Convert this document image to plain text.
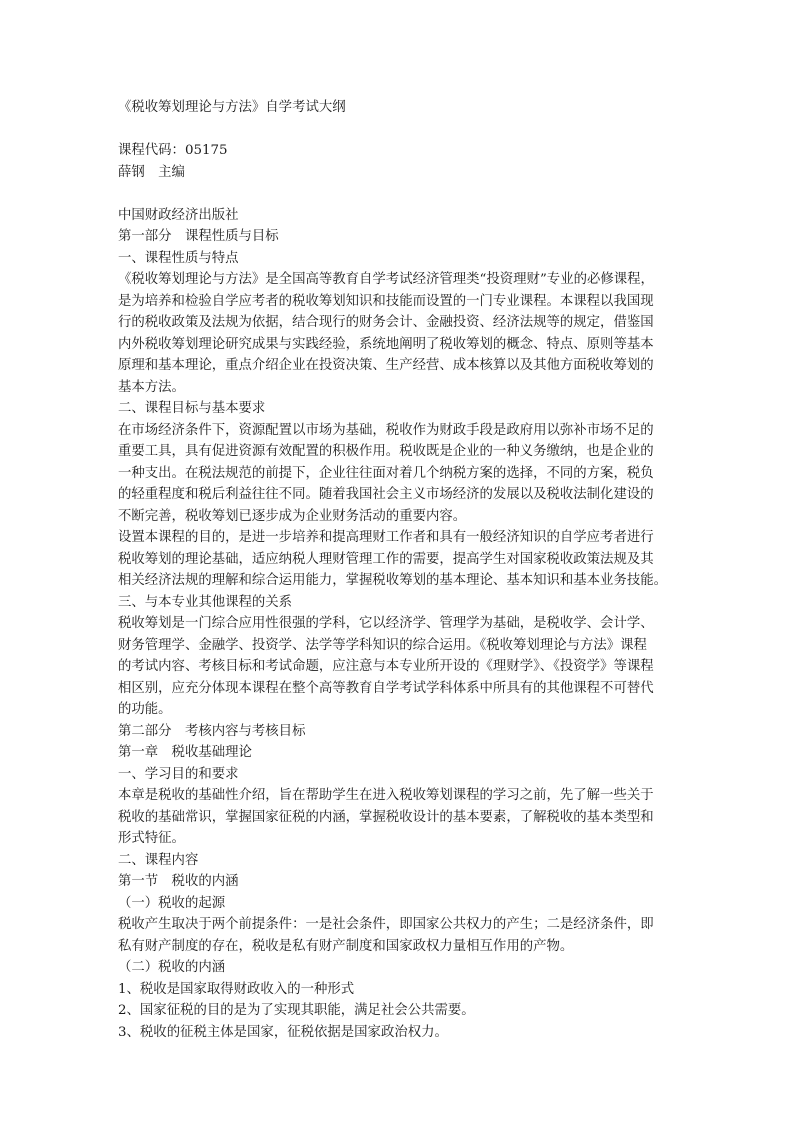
《税收筹划理论与方法》自学考试大纲
课程代码：05175
薛钢　主编
中国财政经济出版社
第一部分　课程性质与目标
一、课程性质与特点
《税收筹划理论与方法》是全国高等教育自学考试经济管理类“投资理财”专业的必修课程，
是为培养和检验自学应考者的税收筹划知识和技能而设置的一门专业课程。本课程以我国现
行的税收政策及法规为依据，结合现行的财务会计、金融投资、经济法规等的规定，借鉴国
内外税收筹划理论研究成果与实践经验，系统地阐明了税收筹划的概念、特点、原则等基本
原理和基本理论，重点介绍企业在投资决策、生产经营、成本核算以及其他方面税收筹划的
基本方法。
二、课程目标与基本要求
在市场经济条件下，资源配置以市场为基础，税收作为财政手段是政府用以弥补市场不足的
重要工具，具有促进资源有效配置的积极作用。税收既是企业的一种义务缴纳，也是企业的
一种支出。在税法规范的前提下，企业往往面对着几个纳税方案的选择，不同的方案，税负
的轻重程度和税后利益往往不同。随着我国社会主义市场经济的发展以及税收法制化建设的
不断完善，税收筹划已逐步成为企业财务活动的重要内容。
设置本课程的目的，是进一步培养和提高理财工作者和具有一般经济知识的自学应考者进行
税收筹划的理论基础，适应纳税人理财管理工作的需要，提高学生对国家税收政策法规及其
相关经济法规的理解和综合运用能力，掌握税收筹划的基本理论、基本知识和基本业务技能。
三、与本专业其他课程的关系
税收筹划是一门综合应用性很强的学科，它以经济学、管理学为基础，是税收学、会计学、
财务管理学、金融学、投资学、法学等学科知识的综合运用。《税收筹划理论与方法》课程
的考试内容、考核目标和考试命题，应注意与本专业所开设的《理财学》、《投资学》等课程
相区别，应充分体现本课程在整个高等教育自学考试学科体系中所具有的其他课程不可替代
的功能。
第二部分　考核内容与考核目标
第一章　税收基础理论
一、学习目的和要求
本章是税收的基础性介绍，旨在帮助学生在进入税收筹划课程的学习之前，先了解一些关于
税收的基础常识，掌握国家征税的内涵，掌握税收设计的基本要素，了解税收的基本类型和
形式特征。
二、课程内容
第一节　税收的内涵
（一）税收的起源
税收产生取决于两个前提条件：一是社会条件，即国家公共权力的产生；二是经济条件，即
私有财产制度的存在，税收是私有财产制度和国家政权力量相互作用的产物。
（二）税收的内涵
1、税收是国家取得财政收入的一种形式
2、国家征税的目的是为了实现其职能，满足社会公共需要。
3、税收的征税主体是国家，征税依据是国家政治权力。
